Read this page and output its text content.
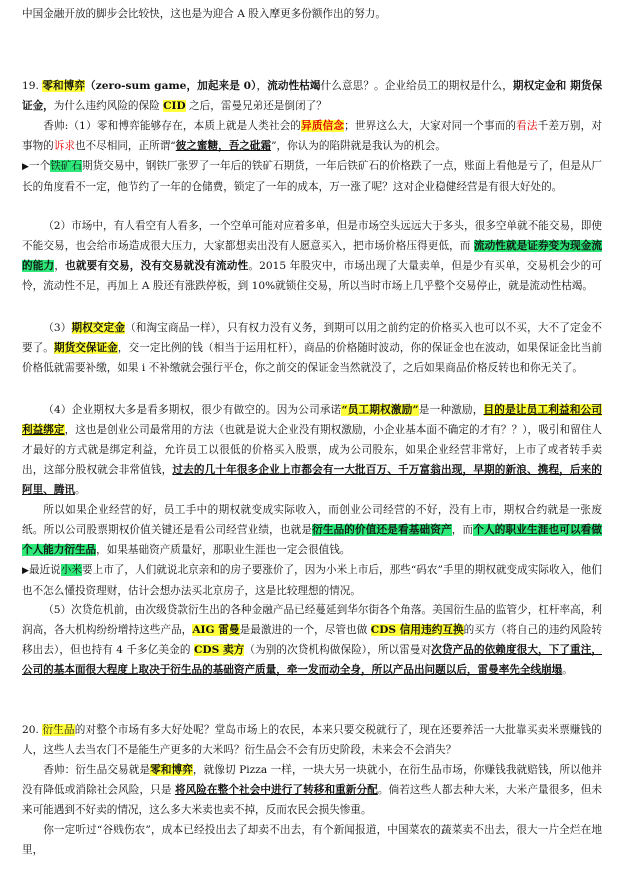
中国金融开放的脚步会比较快，这也是为迎合 A 股入摩更多份额作出的努力。

19. 零和博弈（zero-sum game，加起来是 0），流动性枯竭什么意思？。企业给员工的期权是什么，期权定金和 期货保证金，为什么违约风险的保险 CID 之后，雷曼兄弟还是倒闭了？

香帅:（1）零和博弈能够存在，本质上就是人类社会的异质信念；世界这么大，大家对同一个事而的看法千差万别，对事物的诉求也不尽相同，正所谓“彼之蜜糖，吾之砒霜”，你认为的陷阱就是我认为的机会。

▶一个铁矿石期货交易中，钢铁厂张罗了一年后的铁矿石期货，一年后铁矿石的价格跌了一点，账面上看他是亏了，但是从厂长的角度看不一定，他节约了一年的仓储费，锁定了一年的成本，万一涨了呢？这对企业稳健经营是有很大好处的。

（2）市场中，有人看空有人看多，一个空单可能对应着多单，但是市场空头远远大于多头，很多空单就不能交易，即使不能交易，也会给市场造成很大压力，大家都想卖出没有人愿意买入，把市场价格压得更低，而 流动性就是证券变为现金流的能力，也就要有交易，没有交易就没有流动性。2015 年股灾中，市场出现了大量卖单，但是少有买单，交易机会少的可怜，流动性不足，再加上 A 股还有涨跌停板，到 10%就锁住交易，所以当时市场上几乎整个交易停止，就是流动性枯竭。

（3）期权交定金（和淘宝商品一样），只有权力没有义务，到期可以用之前约定的价格买入也可以不买，大不了定金不要了。期货交保证金，交一定比例的钱（相当于运用杠杆），商品的价格随时波动，你的保证金也在波动，如果保证金比当前价格低就需要补缴，如果 i 不补缴就会强行平仓，你之前交的保证金当然就没了，之后如果商品价格反转也和你无关了。

（4）企业期权大多是看多期权，很少有做空的。因为公司承诺“员工期权激励”是一种激励，目的是让员工利益和公司利益绑定，这也是创业公司最常用的方法（也就是说大企业没有期权激励，小企业基本面不确定的才有？？），吸引和留住人才最好的方式就是绑定利益，允许员工以很低的价格买入股票，成为公司股东，如果企业经营非常好，上市了或者转手卖出，这部分股权就会非常值钱，过去的几十年很多企业上市都会有一大批百万、千万富翁出现，早期的新浪、携程，后来的阿里、腾讯。

所以如果企业经营的好，员工手中的期权就变成实际收入，而创业公司经营的不好，没有上市，期权合约就是一张废纸。所以公司股票期权价值关键还是看公司经营业绩，也就是衍生品的价值还是看基础资产，而个人的职业生涯也可以看做个人能力衍生品，如果基础资产质量好，那职业生涯也一定会很值钱。

▶最近说小米要上市了，人们就说北京亲和的房子要涨价了，因为小米上市后，那些“码农”手里的期权就变成实际收入，他们也不怎么懂投资理财，估计会想办法买北京房子，这是比较理想的情况。

（5）次贷危机前，由次级贷款衍生出的各种金融产品已经蔓延到华尔街各个角落。美国衍生品的监管少，杠杆率高，利润高，各大机构纷纷增持这些产品，AIG 雷曼是最激进的一个，尽管也做 CDS 信用违约互换的买方（将自己的违约风险转移出去），但也持有 4 千多亿美金的 CDS 卖方（为别的次贷机构做保险），所以雷曼对次贷产品的依赖度很大，下了重注，公司的基本面很大程度上取决于衍生品的基础资产质量，牵一发而动全身，所以产品出问题以后，雷曼率先全线崩塌。

20. 衍生品的对整个市场有多大好处呢？堂岛市场上的农民，本来只要交税就行了，现在还要养活一大批靠买卖米票赚钱的人，这些人去当农门不是能生产更多的大米吗？衍生品会不会有历史阶段，未来会不会消失？

香帅：衍生品交易就是零和博弈，就像切 Pizza 一样，一块大另一块就小，在衍生品市场，你赚钱我就赔钱，所以他并没有降低或消除社会风险，只是 将风险在整个社会中进行了转移和重新分配。倘若这些人都去种大米，大米产量很多，但未来可能遇到不好卖的情况，这么多大米卖也卖不掉，反而农民会损失惨重。

你一定听过“谷贱伤农”，成本已经投出去了却卖不出去，有个新闻报道，中国菜农的蔬菜卖不出去，很大一片全烂在地里，
